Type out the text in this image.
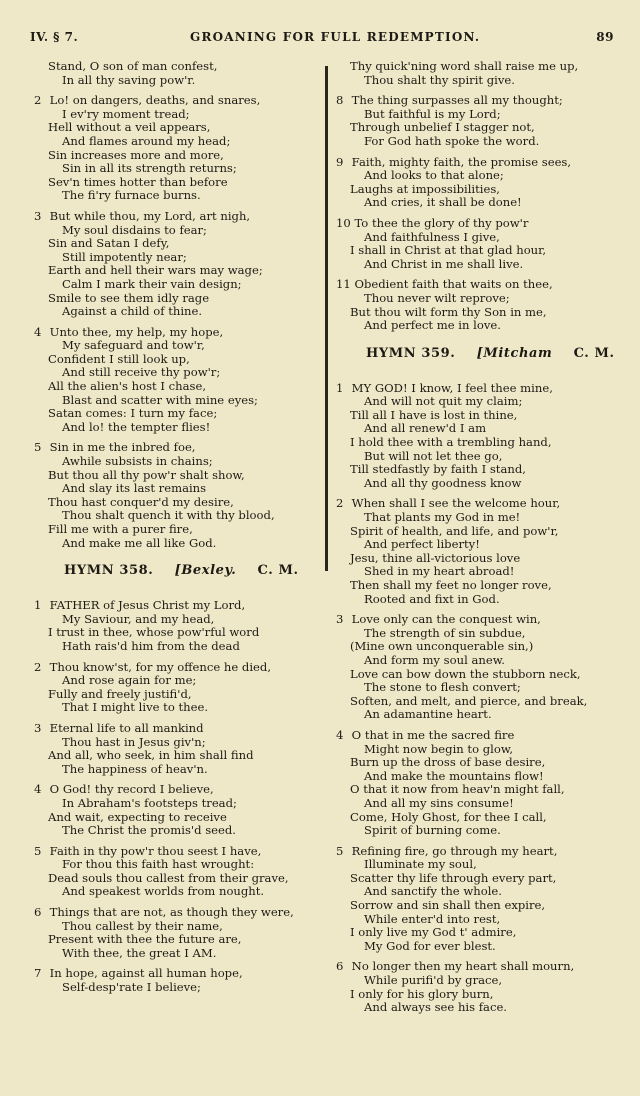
IV. § 7.	GROANING FOR FULL REDEMPTION.	89
Stand, O son of man confest,
In all thy saving pow'r.
2 Lo! on dangers, deaths, and snares,
I ev'ry moment tread;
Hell without a veil appears,
And flames around my head;
Sin increases more and more,
Sin in all its strength returns;
Sev'n times hotter than before
The fi'ry furnace burns.
3 But while thou, my Lord, art nigh,
My soul disdains to fear;
Sin and Satan I defy,
Still impotently near;
Earth and hell their wars may wage;
Calm I mark their vain design;
Smile to see them idly rage
Against a child of thine.
4 Unto thee, my help, my hope,
My safeguard and tow'r,
Confident I still look up,
And still receive thy pow'r;
All the alien's host I chase,
Blast and scatter with mine eyes;
Satan comes: I turn my face;
And lo! the tempter flies!
5 Sin in me the inbred foe,
Awhile subsists in chains;
But thou all thy pow'r shalt show,
And slay its last remains
Thou hast conquer'd my desire,
Thou shalt quench it with thy blood,
Fill me with a purer fire,
And make me all like God.
HYMN 358. [Bexley. C. M.
1 FATHER of Jesus Christ my Lord,
My Saviour, and my head,
I trust in thee, whose pow'rful word
Hath rais'd him from the dead
2 Thou know'st, for my offence he died,
And rose again for me;
Fully and freely justifi'd,
That I might live to thee.
3 Eternal life to all mankind
Thou hast in Jesus giv'n;
And all, who seek, in him shall find
The happiness of heav'n.
4 O God! thy record I believe,
In Abraham's footsteps tread;
And wait, expecting to receive
The Christ the promis'd seed.
5 Faith in thy pow'r thou seest I have,
For thou this faith hast wrought:
Dead souls thou callest from their grave,
And speakest worlds from nought.
6 Things that are not, as though they were,
Thou callest by their name,
Present with thee the future are,
With thee, the great I AM.
7 In hope, against all human hope,
Self-desp'rate I believe;
Thy quick'ning word shall raise me up,
Thou shalt thy spirit give.
8 The thing surpasses all my thought;
But faithful is my Lord;
Through unbelief I stagger not,
For God hath spoke the word.
9 Faith, mighty faith, the promise sees,
And looks to that alone;
Laughs at impossibilities,
And cries, it shall be done!
10 To thee the glory of thy pow'r
And faithfulness I give,
I shall in Christ at that glad hour,
And Christ in me shall live.
11 Obedient faith that waits on thee,
Thou never wilt reprove;
But thou wilt form thy Son in me,
And perfect me in love.
HYMN 359. [Mitcham C. M.
1 MY GOD! I know, I feel thee mine,
And will not quit my claim;
Till all I have is lost in thine,
And all renew'd I am
I hold thee with a trembling hand,
But will not let thee go,
Till stedfastly by faith I stand,
And all thy goodness know
2 When shall I see the welcome hour,
That plants my God in me!
Spirit of health, and life, and pow'r,
And perfect liberty!
Jesu, thine all-victorious love
Shed in my heart abroad!
Then shall my feet no longer rove,
Rooted and fixt in God.
3 Love only can the conquest win,
The strength of sin subdue,
(Mine own unconquerable sin,)
And form my soul anew.
Love can bow down the stubborn neck,
The stone to flesh convert;
Soften, and melt, and pierce, and break,
An adamantine heart.
4 O that in me the sacred fire
Might now begin to glow,
Burn up the dross of base desire,
And make the mountains flow!
O that it now from heav'n might fall,
And all my sins consume!
Come, Holy Ghost, for thee I call,
Spirit of burning come.
5 Refining fire, go through my heart,
Illuminate my soul,
Scatter thy life through every part,
And sanctify the whole.
Sorrow and sin shall then expire,
While enter'd into rest,
I only live my God t' admire,
My God for ever blest.
6 No longer then my heart shall mourn,
While purifi'd by grace,
I only for his glory burn,
And always see his face.
